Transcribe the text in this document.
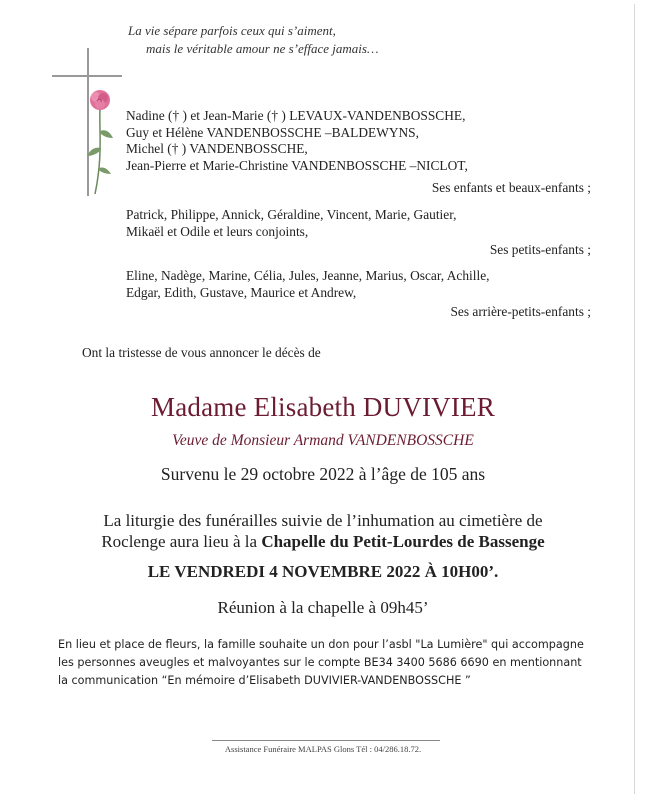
La vie sépare parfois ceux qui s’aiment,
mais le véritable amour ne s’efface jamais…
Nadine († ) et Jean-Marie († ) LEVAUX-VANDENBOSSCHE,
Guy et Hélène VANDENBOSSCHE –BALDEWYNS,
Michel († ) VANDENBOSSCHE,
Jean-Pierre et Marie-Christine VANDENBOSSCHE –NICLOT,
Ses enfants et beaux-enfants ;
Patrick, Philippe, Annick, Géraldine, Vincent, Marie, Gautier,
Mikaël et Odile et leurs conjoints,
Ses petits-enfants ;
Eline, Nadège, Marine, Célia, Jules, Jeanne, Marius, Oscar, Achille,
Edgar, Edith, Gustave, Maurice et Andrew,
Ses arrière-petits-enfants ;
Ont la tristesse de vous annoncer le décès de
Madame Elisabeth DUVIVIER
Veuve de Monsieur Armand VANDENBOSSCHE
Survenu le 29 octobre 2022 à l’âge de 105 ans
La liturgie des funérailles suivie de l’inhumation au cimetière de
Roclenge aura lieu à la Chapelle du Petit-Lourdes de Bassenge
LE VENDREDI 4 NOVEMBRE 2022 À 10H00’.
Réunion à la chapelle à 09h45’
En lieu et place de fleurs, la famille souhaite un don pour l’asbl "La Lumière" qui accompagne
les personnes aveugles et malvoyantes sur le compte BE34 3400 5686 6690 en mentionnant
la communication “En mémoire d’Elisabeth DUVIVIER-VANDENBOSSCHE ”
Assistance Funéraire MALPAS Glons Tél : 04/286.18.72.
